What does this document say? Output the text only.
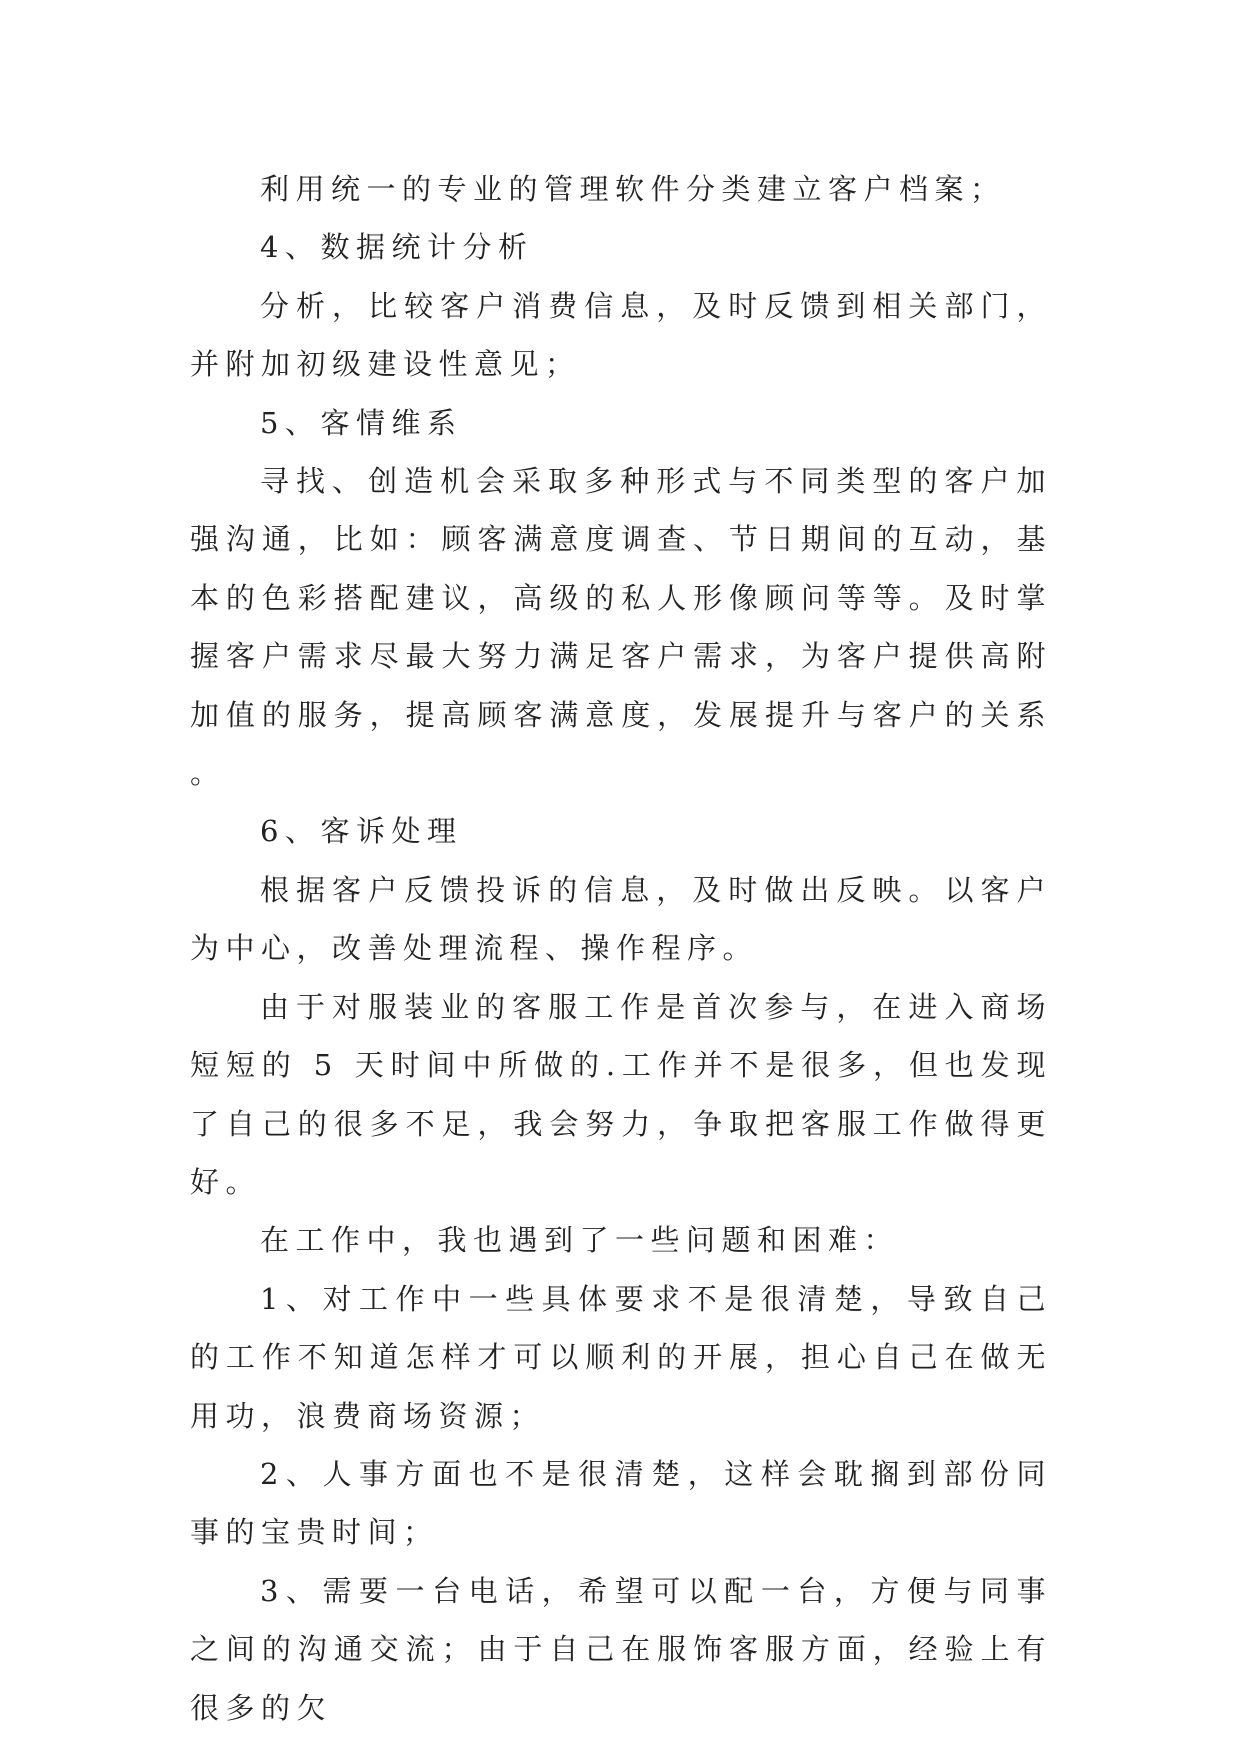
利用统一的专业的管理软件分类建立客户档案；

4、数据统计分析

分析，比较客户消费信息，及时反馈到相关部门，并附加初级建设性意见；

5、客情维系

寻找、创造机会采取多种形式与不同类型的客户加强沟通，比如：顾客满意度调查、节日期间的互动，基本的色彩搭配建议，高级的私人形像顾问等等。及时掌握客户需求尽最大努力满足客户需求，为客户提供高附加值的服务，提高顾客满意度，发展提升与客户的关系。

6、客诉处理

根据客户反馈投诉的信息，及时做出反映。以客户为中心，改善处理流程、操作程序。

由于对服装业的客服工作是首次参与，在进入商场短短的 5 天时间中所做的.工作并不是很多，但也发现了自己的很多不足，我会努力，争取把客服工作做得更好。

在工作中，我也遇到了一些问题和困难：

1、对工作中一些具体要求不是很清楚，导致自己的工作不知道怎样才可以顺利的开展，担心自己在做无用功，浪费商场资源；

2、人事方面也不是很清楚，这样会耽搁到部份同事的宝贵时间；

3、需要一台电话，希望可以配一台，方便与同事之间的沟通交流；由于自己在服饰客服方面，经验上有很多的欠
